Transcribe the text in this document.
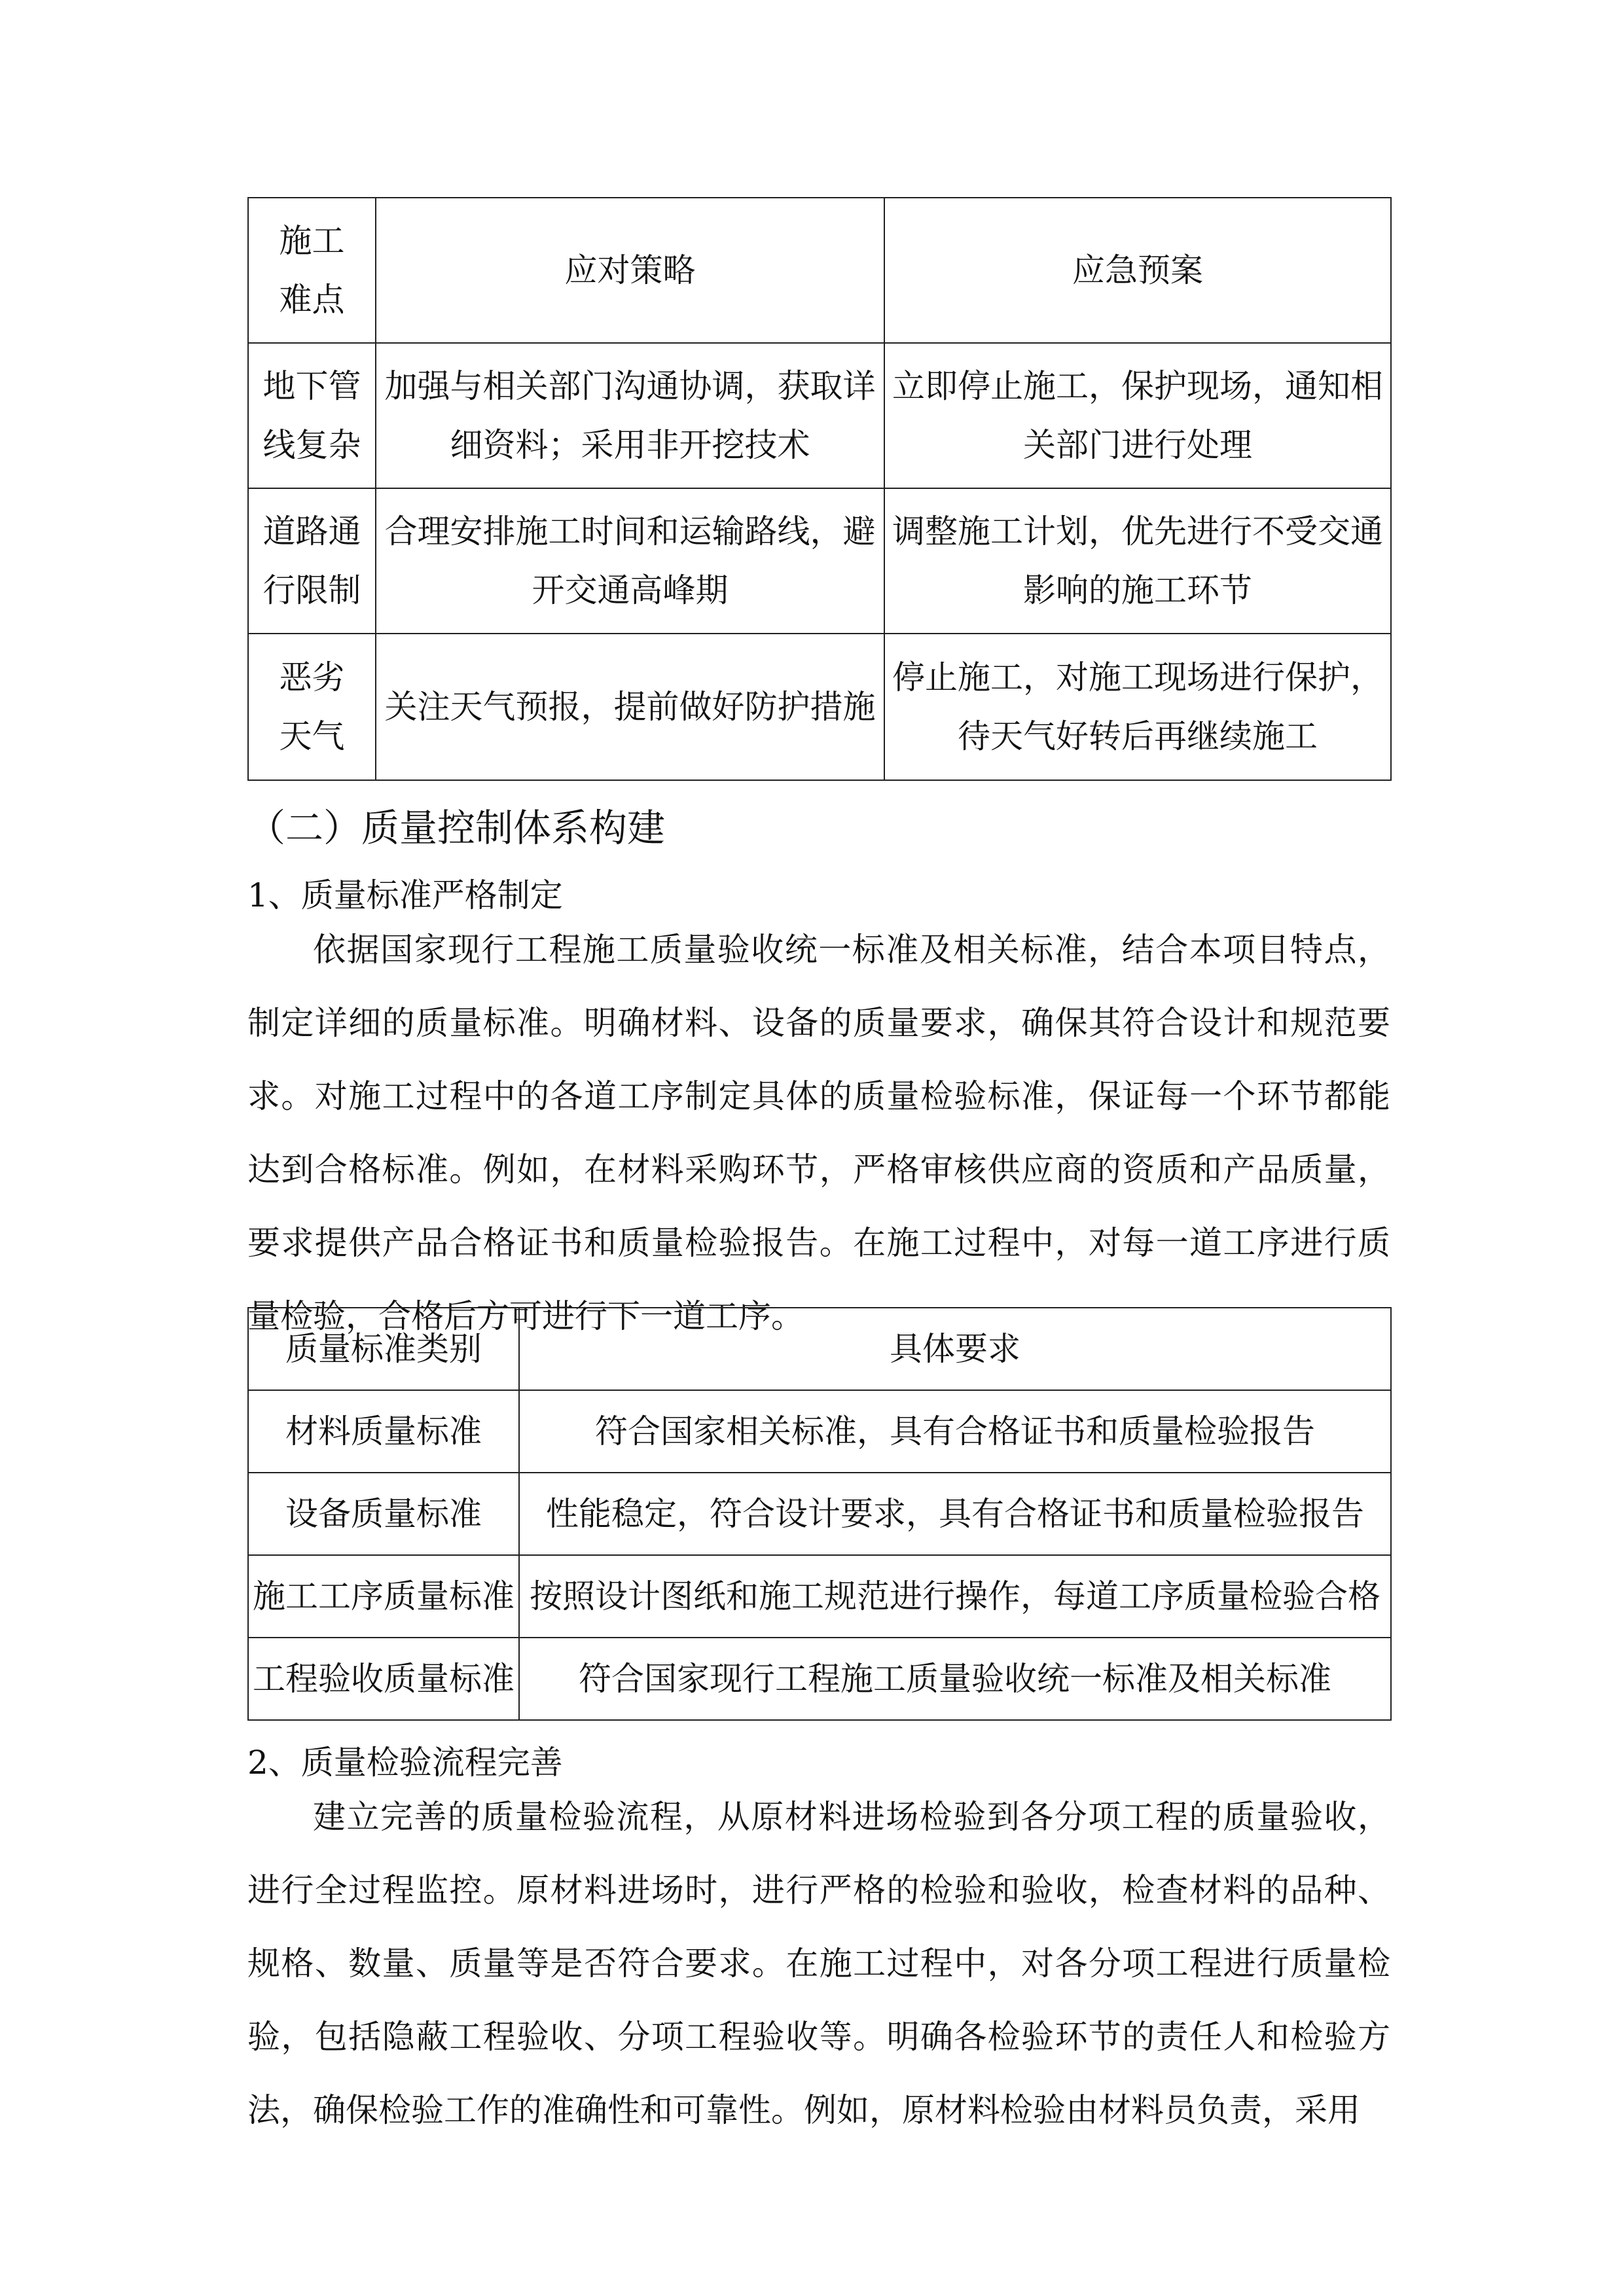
施工难点	应对策略	应急预案
地下管线复杂	加强与相关部门沟通协调，获取详细资料；采用非开挖技术	立即停止施工，保护现场，通知相关部门进行处理
道路通行限制	合理安排施工时间和运输路线，避开交通高峰期	调整施工计划，优先进行不受交通影响的施工环节
恶劣天气	关注天气预报，提前做好防护措施	停止施工，对施工现场进行保护，待天气好转后再继续施工
（二）质量控制体系构建
1、质量标准严格制定
依据国家现行工程施工质量验收统一标准及相关标准，结合本项目特点，制定详细的质量标准。明确材料、设备的质量要求，确保其符合设计和规范要求。对施工过程中的各道工序制定具体的质量检验标准，保证每一个环节都能达到合格标准。例如，在材料采购环节，严格审核供应商的资质和产品质量，要求提供产品合格证书和质量检验报告。在施工过程中，对每一道工序进行质量检验，合格后方可进行下一道工序。
质量标准类别	具体要求
材料质量标准	符合国家相关标准，具有合格证书和质量检验报告
设备质量标准	性能稳定，符合设计要求，具有合格证书和质量检验报告
施工工序质量标准	按照设计图纸和施工规范进行操作，每道工序质量检验合格
工程验收质量标准	符合国家现行工程施工质量验收统一标准及相关标准
2、质量检验流程完善
建立完善的质量检验流程，从原材料进场检验到各分项工程的质量验收，进行全过程监控。原材料进场时，进行严格的检验和验收，检查材料的品种、规格、数量、质量等是否符合要求。在施工过程中，对各分项工程进行质量检验，包括隐蔽工程验收、分项工程验收等。明确各检验环节的责任人和检验方法，确保检验工作的准确性和可靠性。例如，原材料检验由材料员负责，采用
